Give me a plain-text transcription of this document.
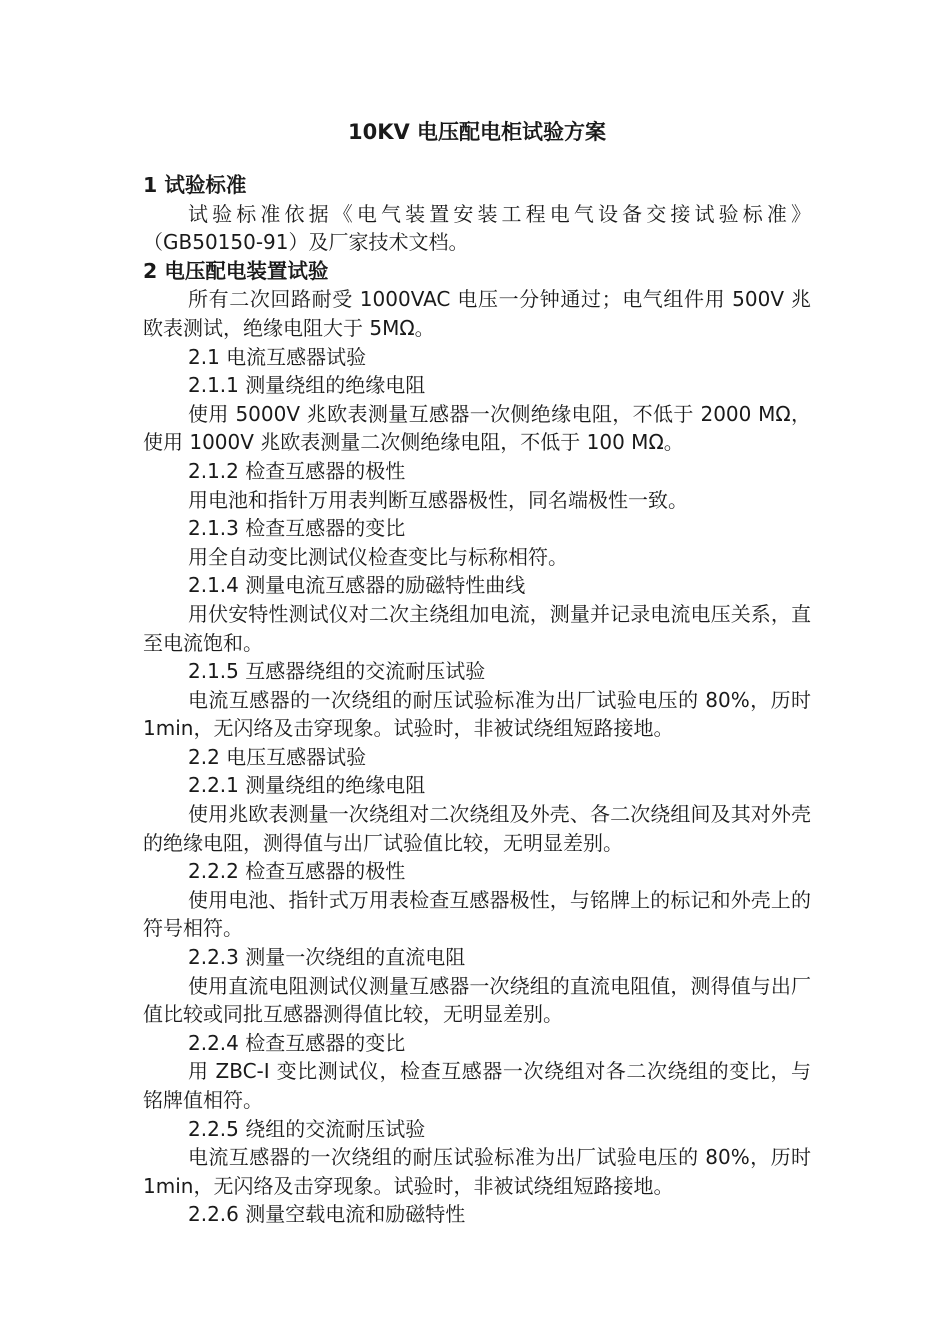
10KV 电压配电柜试验方案
1 试验标准
试验标准依据《电气装置安装工程电气设备交接试验标准》（GB50150-91）及厂家技术文档。
2 电压配电装置试验
所有二次回路耐受 1000VAC 电压一分钟通过；电气组件用 500V 兆欧表测试，绝缘电阻大于 5MΩ。
2.1 电流互感器试验
2.1.1 测量绕组的绝缘电阻
使用 5000V 兆欧表测量互感器一次侧绝缘电阻，不低于 2000 MΩ，使用 1000V 兆欧表测量二次侧绝缘电阻，不低于 100 MΩ。
2.1.2 检查互感器的极性
用电池和指针万用表判断互感器极性，同名端极性一致。
2.1.3 检查互感器的变比
用全自动变比测试仪检查变比与标称相符。
2.1.4 测量电流互感器的励磁特性曲线
用伏安特性测试仪对二次主绕组加电流，测量并记录电流电压关系，直至电流饱和。
2.1.5 互感器绕组的交流耐压试验
电流互感器的一次绕组的耐压试验标准为出厂试验电压的 80%，历时 1min，无闪络及击穿现象。试验时，非被试绕组短路接地。
2.2 电压互感器试验
2.2.1 测量绕组的绝缘电阻
使用兆欧表测量一次绕组对二次绕组及外壳、各二次绕组间及其对外壳的绝缘电阻，测得值与出厂试验值比较，无明显差别。
2.2.2 检查互感器的极性
使用电池、指针式万用表检查互感器极性，与铭牌上的标记和外壳上的符号相符。
2.2.3 测量一次绕组的直流电阻
使用直流电阻测试仪测量互感器一次绕组的直流电阻值，测得值与出厂值比较或同批互感器测得值比较，无明显差别。
2.2.4 检查互感器的变比
用 ZBC-I 变比测试仪，检查互感器一次绕组对各二次绕组的变比，与铭牌值相符。
2.2.5 绕组的交流耐压试验
电流互感器的一次绕组的耐压试验标准为出厂试验电压的 80%，历时 1min，无闪络及击穿现象。试验时，非被试绕组短路接地。
2.2.6 测量空载电流和励磁特性
